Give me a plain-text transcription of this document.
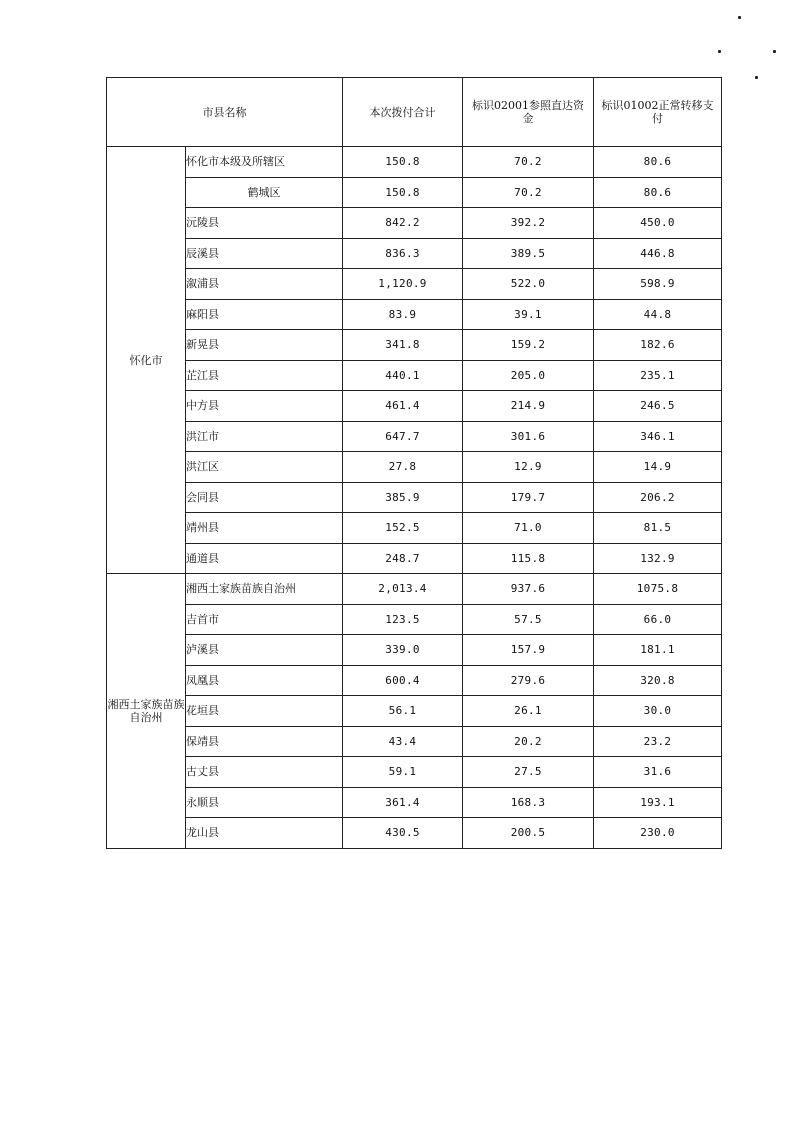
市县名称		本次拨付合计	标识02001参照直达资金	标识01002正常转移支付

怀化市	怀化市本级及所辖区	150.8	70.2	80.6
	鹤城区	150.8	70.2	80.6
	沅陵县	842.2	392.2	450.0
	辰溪县	836.3	389.5	446.8
	溆浦县	1,120.9	522.0	598.9
	麻阳县	83.9	39.1	44.8
	新晃县	341.8	159.2	182.6
	芷江县	440.1	205.0	235.1
	中方县	461.4	214.9	246.5
	洪江市	647.7	301.6	346.1
	洪江区	27.8	12.9	14.9
	会同县	385.9	179.7	206.2
	靖州县	152.5	71.0	81.5
	通道县	248.7	115.8	132.9
湘西土家族苗族自治州	湘西土家族苗族自治州	2,013.4	937.6	1075.8
	吉首市	123.5	57.5	66.0
	泸溪县	339.0	157.9	181.1
	凤凰县	600.4	279.6	320.8
	花垣县	56.1	26.1	30.0
	保靖县	43.4	20.2	23.2
	古丈县	59.1	27.5	31.6
	永顺县	361.4	168.3	193.1
	龙山县	430.5	200.5	230.0
